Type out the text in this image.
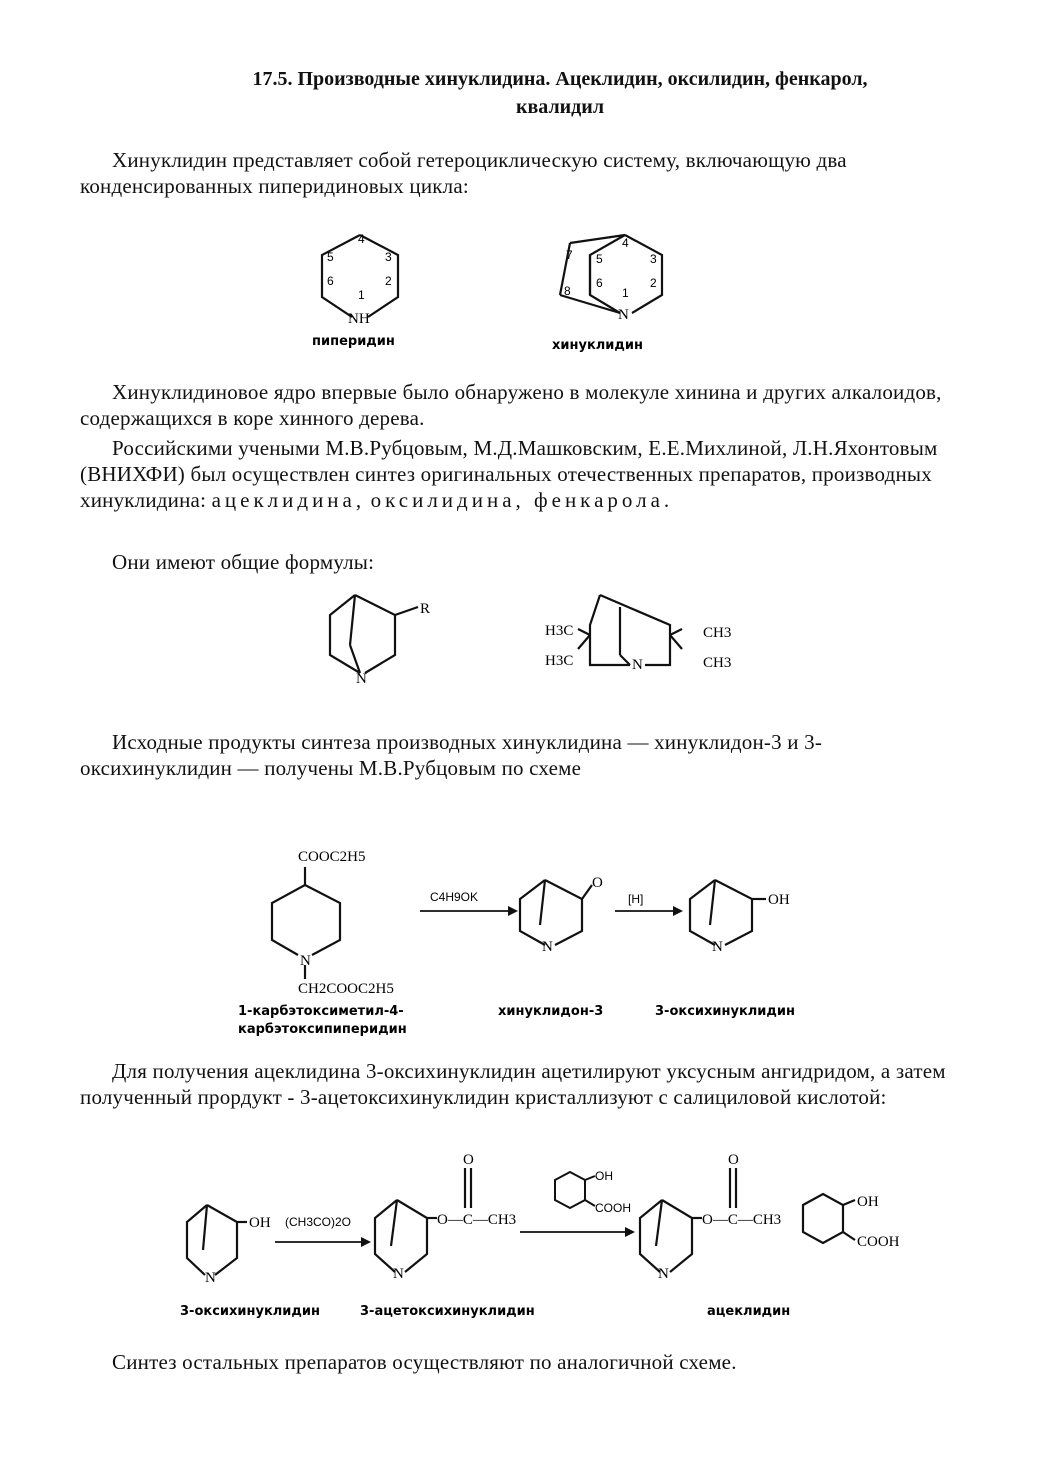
17.5. Производные хинуклидина. Ацеклидин, оксилидин, фенкарол,
квалидил
Хинуклидин представляет собой гетероциклическую систему, включающую два конденсированных пиперидиновых цикла:
4
3
2
1
6
5
NH
пиперидин
4
3
2
1
6
5
7
8
N
хинуклидин
Хинуклидиновое ядро впервые было обнаружено в молекуле хинина и других алкалоидов, содержащихся в коре хинного дерева.
Российскими учеными М.В.Рубцовым, М.Д.Машковским, Е.Е.Михлиной, Л.Н.Яхонтовым (ВНИХФИ) был осуществлен синтез оригинальных отечественных препаратов, производных хинуклидина: ацеклидина, оксилидина, фенкарола.
Они имеют общие формулы:
R
N
H3C
H3C
CH3
CH3
N
Исходные продукты синтеза производных хинуклидина — хинуклидон-3 и 3-оксихинуклидин — получены М.В.Рубцовым по схеме
COOC2H5
N
CH2COOC2H5
1-карбэтоксиметил-4-
карбэтоксипиперидин
C4H9OK
O
N
хинуклидон-3
[H]	OH
N
3-оксихинуклидин
Для получения ацеклидина 3-оксихинуклидин ацетилируют уксусным ангидридом, а затем полученный прордукт - 3-ацетоксихинуклидин кристаллизуют с салициловой кислотой:
OH
N
3-оксихинуклидин
(CH3CO)2O
O
O—C—CH3
N
3-ацетоксихинуклидин
OH
COOH
O
O—C—CH3
N
ацеклидин
OH
COOH
Синтез остальных препаратов осуществляют по аналогичной схеме.
